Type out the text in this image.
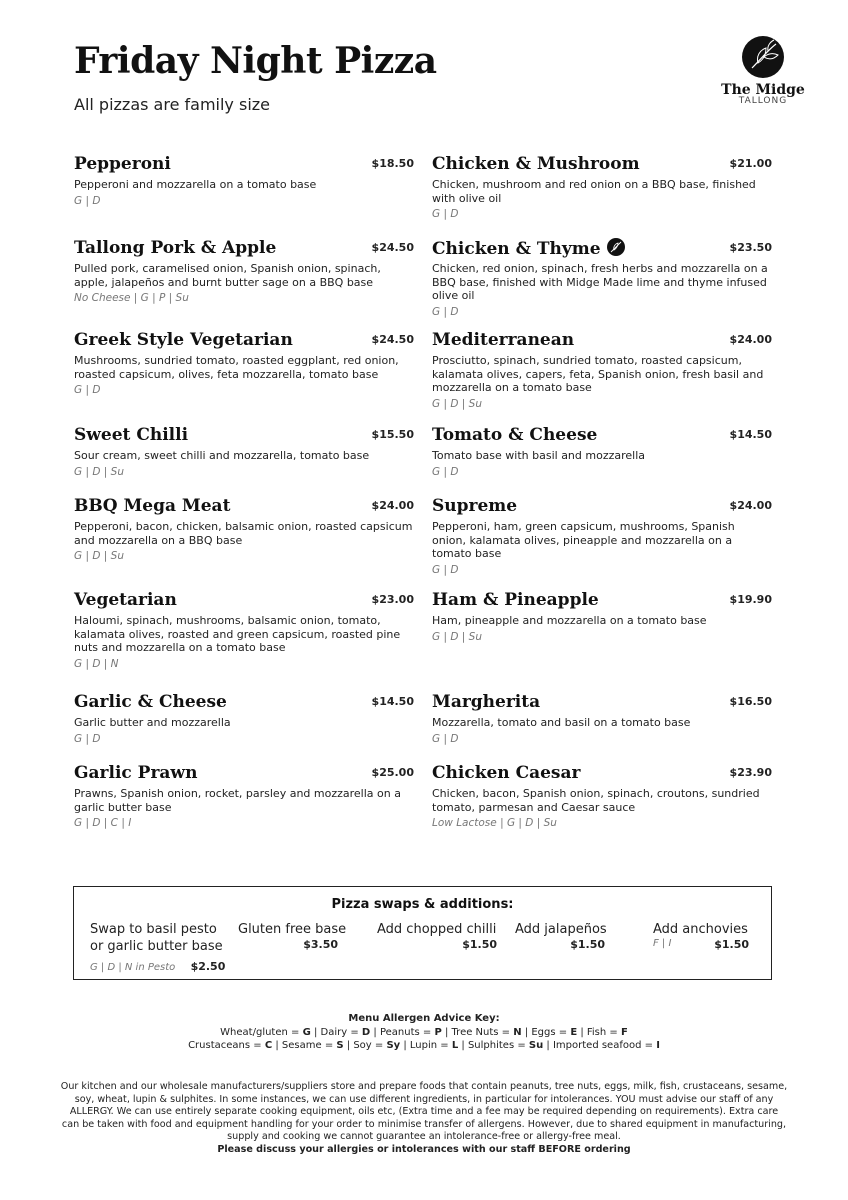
Friday Night Pizza
All pizzas are family size
The Midge
TALLONG
Pepperoni	$18.50
Pepperoni and mozzarella on a tomato base
G | D
Tallong Pork & Apple	$24.50
Pulled pork, caramelised onion, Spanish onion, spinach, apple, jalapeños and burnt butter sage on a BBQ base
No Cheese | G | P | Su
Greek Style Vegetarian	$24.50
Mushrooms, sundried tomato, roasted eggplant, red onion, roasted capsicum, olives, feta mozzarella, tomato base
G | D
Sweet Chilli	$15.50
Sour cream, sweet chilli and mozzarella, tomato base
G | D | Su
BBQ Mega Meat	$24.00
Pepperoni, bacon, chicken, balsamic onion, roasted capsicum and mozzarella on a BBQ base
G | D | Su
Vegetarian	$23.00
Haloumi, spinach, mushrooms, balsamic onion, tomato, kalamata olives, roasted and green capsicum, roasted pine nuts and mozzarella on a tomato base
G | D | N
Garlic & Cheese	$14.50
Garlic butter and mozzarella
G | D
Garlic Prawn	$25.00
Prawns, Spanish onion, rocket, parsley and mozzarella on a garlic butter base
G | D | C | I
Chicken & Mushroom	$21.00
Chicken, mushroom and red onion on a BBQ base, finished with olive oil
G | D
Chicken & Thyme	$23.50
Chicken, red onion, spinach, fresh herbs and mozzarella on a BBQ base, finished with Midge Made lime and thyme infused olive oil
G | D
Mediterranean	$24.00
Prosciutto, spinach, sundried tomato, roasted capsicum, kalamata olives, capers, feta, Spanish onion, fresh basil and mozzarella on a tomato base
G | D | Su
Tomato & Cheese	$14.50
Tomato base with basil and mozzarella
G | D
Supreme	$24.00
Pepperoni, ham, green capsicum, mushrooms, Spanish onion, kalamata olives, pineapple and mozzarella on a tomato base
G | D
Ham & Pineapple	$19.90
Ham, pineapple and mozzarella on a tomato base
G | D | Su
Margherita	$16.50
Mozzarella, tomato and basil on a tomato base
G | D
Chicken Caesar	$23.90
Chicken, bacon, Spanish onion, spinach, croutons, sundried tomato, parmesan and Caesar sauce
Low Lactose | G | D | Su
Pizza swaps & additions:
Swap to basil pesto
or garlic butter base
G | D | N in Pesto $2.50
Gluten free base
$3.50
Add chopped chilli
$1.50
Add jalapeños
$1.50
Add anchovies
F | I	$1.50
Menu Allergen Advice Key:
Wheat/gluten = G | Dairy = D | Peanuts = P | Tree Nuts = N | Eggs = E | Fish = F
Crustaceans = C | Sesame = S | Soy = Sy | Lupin = L | Sulphites = Su | Imported seafood = I
Our kitchen and our wholesale manufacturers/suppliers store and prepare foods that contain peanuts, tree nuts, eggs, milk, fish, crustaceans, sesame, soy, wheat, lupin & sulphites. In some instances, we can use different ingredients, in particular for intolerances. YOU must advise our staff of any ALLERGY. We can use entirely separate cooking equipment, oils etc, (Extra time and a fee may be required depending on requirements). Extra care can be taken with food and equipment handling for your order to minimise transfer of allergens. However, due to shared equipment in manufacturing, supply and cooking we cannot guarantee an intolerance-free or allergy-free meal.
Please discuss your allergies or intolerances with our staff BEFORE ordering
